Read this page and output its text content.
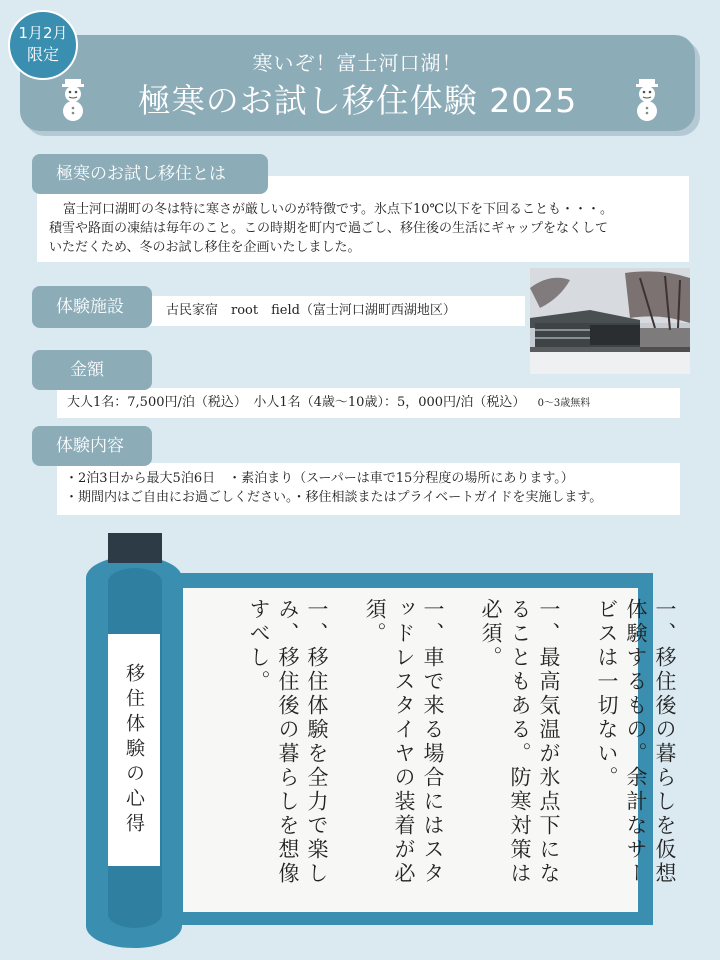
寒いぞ！富士河口湖！
極寒のお試し移住体験 2025
1月2月
限定
富士河口湖町の冬は特に寒さが厳しいのが特徴です。氷点下10℃以下を下回ることも・・・。
積雪や路面の凍結は毎年のこと。この時期を町内で過ごし、移住後の生活にギャップをなくして
いただくため、冬のお試し移住を企画いたしました。
極寒のお試し移住とは
古民家宿　root　field（富士河口湖町西湖地区）
体験施設
大人1名：7,500円/泊（税込）　小人1名（4歳～10歳）：5，000円/泊（税込） 0～3歳無料
金額
・2泊3日から最大5泊6日　・素泊まり（スーパーは車で15分程度の場所にあります。）
・期間内はご自由にお過ごしください。・移住相談またはプライベートガイドを実施します。
体験内容
移住体験の心得	一、移住後の暮らしを仮想体験するもの。余計なサービスは一切ない。
一、最高気温が氷点下になることもある。防寒対策は必須。
一、車で来る場合にはスタッドレスタイヤの装着が必須。
一、移住体験を全力で楽しみ、移住後の暮らしを想像すべし。
